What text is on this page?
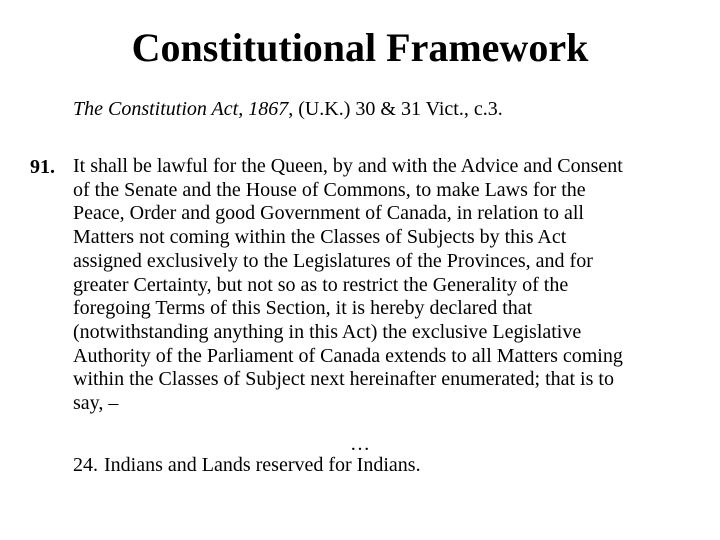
Constitutional Framework
The Constitution Act, 1867, (U.K.) 30 & 31 Vict., c.3.
91. It shall be lawful for the Queen, by and with the Advice and Consent
of the Senate and the House of Commons, to make Laws for the
Peace, Order and good Government of Canada, in relation to all
Matters not coming within the Classes of Subjects by this Act
assigned exclusively to the Legislatures of the Provinces, and for
greater Certainty, but not so as to restrict the Generality of the
foregoing Terms of this Section, it is hereby declared that
(notwithstanding anything in this Act) the exclusive Legislative
Authority of the Parliament of Canada extends to all Matters coming
within the Classes of Subject next hereinafter enumerated; that is to
say, –
…
24. Indians and Lands reserved for Indians.
